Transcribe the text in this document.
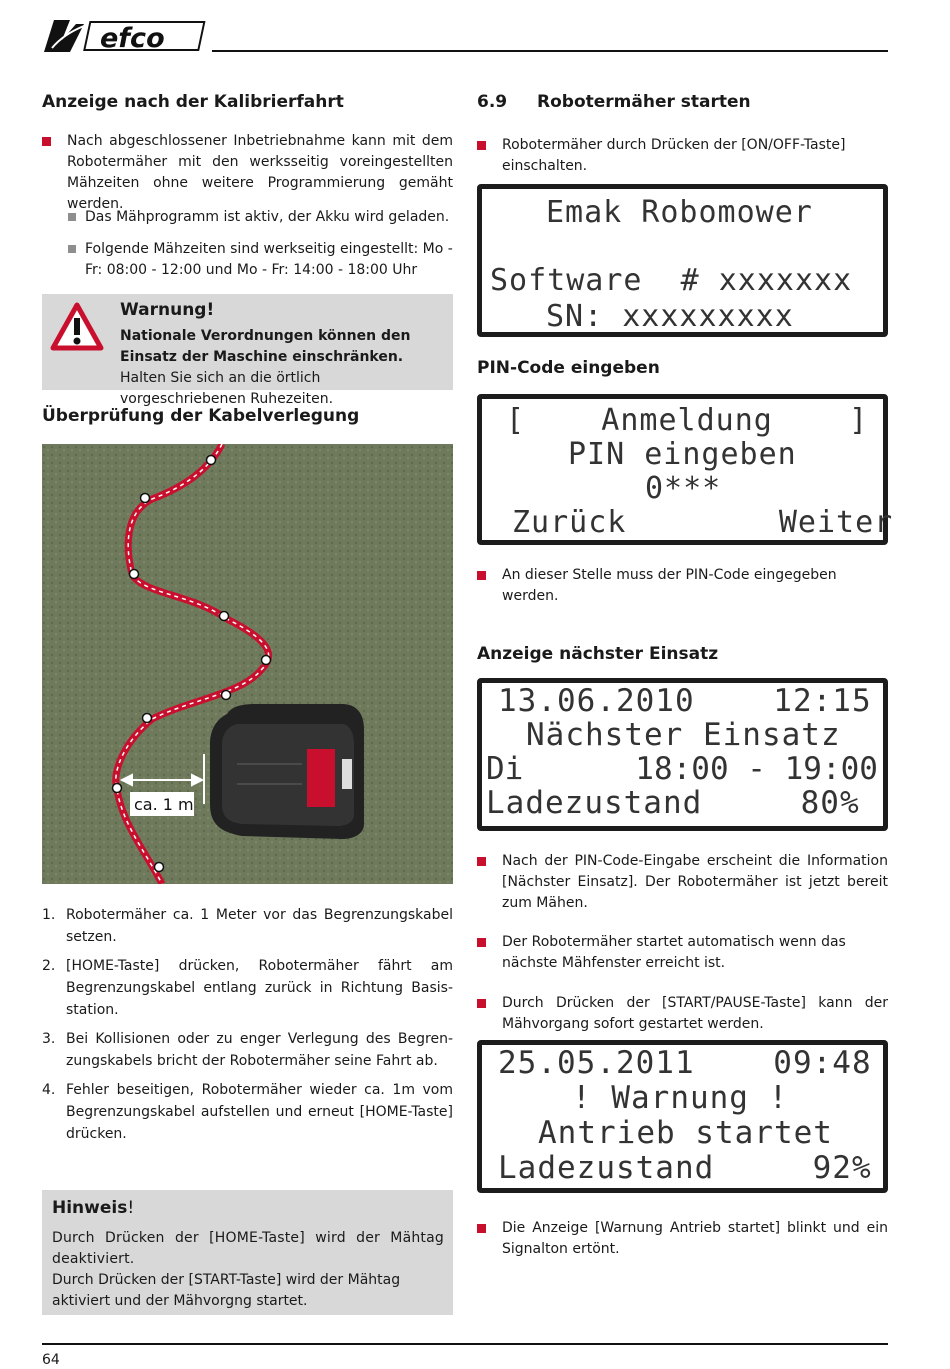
efco
Anzeige nach der Kalibrierfahrt

Nach abgeschlossener Inbetriebnahme kann mit dem Robotermäher mit den werksseitig voreingestellten Mähzeiten ohne weitere Programmierung gemäht werden.

Das Mähprogramm ist aktiv, der Akku wird geladen.

Folgende Mähzeiten sind werkseitig eingestellt: Mo - Fr: 08:00 - 12:00 und Mo - Fr: 14:00 - 18:00 Uhr

Warnung!

Nationale Verordnungen können den Einsatz der Maschine einschränken. Halten Sie sich an die örtlich vorgeschriebenen Ruhezeiten.

Überprüfung der Kabelverlegung
ca. 1 m
1. Robotermäher ca. 1 Meter vor das Begrenzungskabel setzen.

2. [HOME-Taste] drücken, Robotermäher fährt am Begrenzungskabel entlang zurück in Richtung Basis-station.

3. Bei Kollisionen oder zu enger Verlegung des Begren-zungskabels bricht der Robotermäher seine Fahrt ab.

4. Fehler beseitigen, Robotermäher wieder ca. 1m vom Begrenzungskabel aufstellen und erneut [HOME-Taste] drücken.

Hinweis!

Durch Drücken der [HOME-Taste] wird der Mähtag deaktiviert.

Durch Drücken der [START-Taste] wird der Mähtag aktiviert und der Mähvorgng startet.

6.9 Robotermäher starten

Robotermäher durch Drücken der [ON/OFF-Taste] einschalten.

Emak Robomower
Software  # xxxxxxx
SN: xxxxxxxxx
PIN-Code eingeben
[    Anmeldung    ]
PIN eingeben
0***
Zurück        Weiter

An dieser Stelle muss der PIN-Code eingegeben werden.

Anzeige nächster Einsatz
13.06.2010    12:15
Nächster Einsatz
Di      18:00 - 19:00
Ladezustand     80%

Nach der PIN-Code-Eingabe erscheint die Information [Nächster Einsatz]. Der Robotermäher ist jetzt bereit zum Mähen.

Der Robotermäher startet automatisch wenn das nächste Mähfenster erreicht ist.

Durch Drücken der [START/PAUSE-Taste] kann der Mähvorgang sofort gestartet werden.

25.05.2011    09:48
! Warnung !
Antrieb startet
Ladezustand     92%

Die Anzeige [Warnung Antrieb startet] blinkt und ein Signalton ertönt.

64
